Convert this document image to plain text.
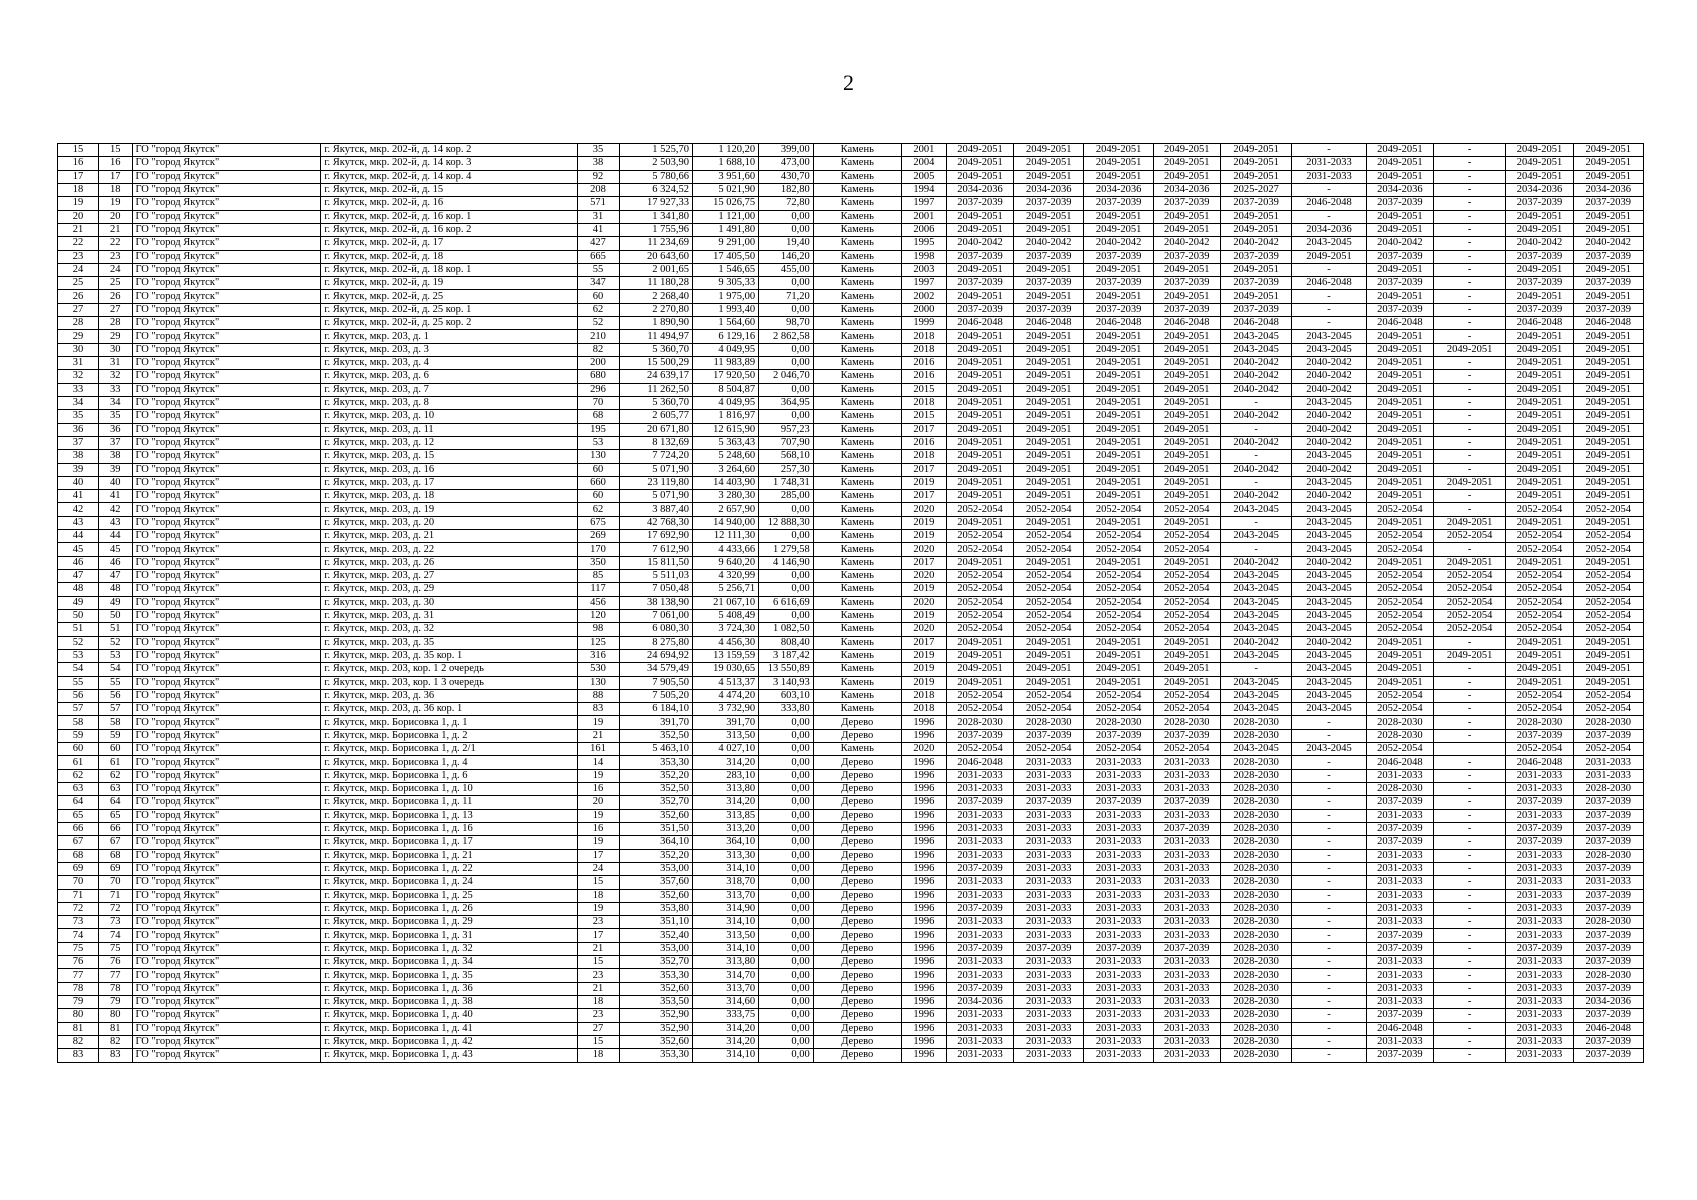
2
15	15	ГО "город Якутск"	г. Якутск, мкр. 202-й, д. 14 кор. 2	35	1 525,70	1 120,20	399,00	Камень	2001	2049-2051	2049-2051	2049-2051	2049-2051	2049-2051	-	2049-2051	-	2049-2051	2049-2051
16	16	ГО "город Якутск"	г. Якутск, мкр. 202-й, д. 14 кор. 3	38	2 503,90	1 688,10	473,00	Камень	2004	2049-2051	2049-2051	2049-2051	2049-2051	2049-2051	2031-2033	2049-2051	-	2049-2051	2049-2051
17	17	ГО "город Якутск"	г. Якутск, мкр. 202-й, д. 14 кор. 4	92	5 780,66	3 951,60	430,70	Камень	2005	2049-2051	2049-2051	2049-2051	2049-2051	2049-2051	2031-2033	2049-2051	-	2049-2051	2049-2051
18	18	ГО "город Якутск"	г. Якутск, мкр. 202-й, д. 15	208	6 324,52	5 021,90	182,80	Камень	1994	2034-2036	2034-2036	2034-2036	2034-2036	2025-2027	-	2034-2036	-	2034-2036	2034-2036
19	19	ГО "город Якутск"	г. Якутск, мкр. 202-й, д. 16	571	17 927,33	15 026,75	72,80	Камень	1997	2037-2039	2037-2039	2037-2039	2037-2039	2037-2039	2046-2048	2037-2039	-	2037-2039	2037-2039
20	20	ГО "город Якутск"	г. Якутск, мкр. 202-й, д. 16 кор. 1	31	1 341,80	1 121,00	0,00	Камень	2001	2049-2051	2049-2051	2049-2051	2049-2051	2049-2051	-	2049-2051	-	2049-2051	2049-2051
21	21	ГО "город Якутск"	г. Якутск, мкр. 202-й, д. 16 кор. 2	41	1 755,96	1 491,80	0,00	Камень	2006	2049-2051	2049-2051	2049-2051	2049-2051	2049-2051	2034-2036	2049-2051	-	2049-2051	2049-2051
22	22	ГО "город Якутск"	г. Якутск, мкр. 202-й, д. 17	427	11 234,69	9 291,00	19,40	Камень	1995	2040-2042	2040-2042	2040-2042	2040-2042	2040-2042	2043-2045	2040-2042	-	2040-2042	2040-2042
23	23	ГО "город Якутск"	г. Якутск, мкр. 202-й, д. 18	665	20 643,60	17 405,50	146,20	Камень	1998	2037-2039	2037-2039	2037-2039	2037-2039	2037-2039	2049-2051	2037-2039	-	2037-2039	2037-2039
24	24	ГО "город Якутск"	г. Якутск, мкр. 202-й, д. 18 кор. 1	55	2 001,65	1 546,65	455,00	Камень	2003	2049-2051	2049-2051	2049-2051	2049-2051	2049-2051	-	2049-2051	-	2049-2051	2049-2051
25	25	ГО "город Якутск"	г. Якутск, мкр. 202-й, д. 19	347	11 180,28	9 305,33	0,00	Камень	1997	2037-2039	2037-2039	2037-2039	2037-2039	2037-2039	2046-2048	2037-2039	-	2037-2039	2037-2039
26	26	ГО "город Якутск"	г. Якутск, мкр. 202-й, д. 25	60	2 268,40	1 975,00	71,20	Камень	2002	2049-2051	2049-2051	2049-2051	2049-2051	2049-2051	-	2049-2051	-	2049-2051	2049-2051
27	27	ГО "город Якутск"	г. Якутск, мкр. 202-й, д. 25 кор. 1	62	2 270,80	1 993,40	0,00	Камень	2000	2037-2039	2037-2039	2037-2039	2037-2039	2037-2039	-	2037-2039	-	2037-2039	2037-2039
28	28	ГО "город Якутск"	г. Якутск, мкр. 202-й, д. 25 кор. 2	52	1 890,90	1 564,60	98,70	Камень	1999	2046-2048	2046-2048	2046-2048	2046-2048	2046-2048	-	2046-2048	-	2046-2048	2046-2048
29	29	ГО "город Якутск"	г. Якутск, мкр. 203, д. 1	210	11 494,97	6 129,16	2 862,58	Камень	2018	2049-2051	2049-2051	2049-2051	2049-2051	2043-2045	2043-2045	2049-2051	-	2049-2051	2049-2051
30	30	ГО "город Якутск"	г. Якутск, мкр. 203, д. 3	82	5 360,70	4 049,95	0,00	Камень	2018	2049-2051	2049-2051	2049-2051	2049-2051	2043-2045	2043-2045	2049-2051	2049-2051	2049-2051	2049-2051
31	31	ГО "город Якутск"	г. Якутск, мкр. 203, д. 4	200	15 500,29	11 983,89	0,00	Камень	2016	2049-2051	2049-2051	2049-2051	2049-2051	2040-2042	2040-2042	2049-2051	-	2049-2051	2049-2051
32	32	ГО "город Якутск"	г. Якутск, мкр. 203, д. 6	680	24 639,17	17 920,50	2 046,70	Камень	2016	2049-2051	2049-2051	2049-2051	2049-2051	2040-2042	2040-2042	2049-2051	-	2049-2051	2049-2051
33	33	ГО "город Якутск"	г. Якутск, мкр. 203, д. 7	296	11 262,50	8 504,87	0,00	Камень	2015	2049-2051	2049-2051	2049-2051	2049-2051	2040-2042	2040-2042	2049-2051	-	2049-2051	2049-2051
34	34	ГО "город Якутск"	г. Якутск, мкр. 203, д. 8	70	5 360,70	4 049,95	364,95	Камень	2018	2049-2051	2049-2051	2049-2051	2049-2051	-	2043-2045	2049-2051	-	2049-2051	2049-2051
35	35	ГО "город Якутск"	г. Якутск, мкр. 203, д. 10	68	2 605,77	1 816,97	0,00	Камень	2015	2049-2051	2049-2051	2049-2051	2049-2051	2040-2042	2040-2042	2049-2051	-	2049-2051	2049-2051
36	36	ГО "город Якутск"	г. Якутск, мкр. 203, д. 11	195	20 671,80	12 615,90	957,23	Камень	2017	2049-2051	2049-2051	2049-2051	2049-2051	-	2040-2042	2049-2051	-	2049-2051	2049-2051
37	37	ГО "город Якутск"	г. Якутск, мкр. 203, д. 12	53	8 132,69	5 363,43	707,90	Камень	2016	2049-2051	2049-2051	2049-2051	2049-2051	2040-2042	2040-2042	2049-2051	-	2049-2051	2049-2051
38	38	ГО "город Якутск"	г. Якутск, мкр. 203, д. 15	130	7 724,20	5 248,60	568,10	Камень	2018	2049-2051	2049-2051	2049-2051	2049-2051	-	2043-2045	2049-2051	-	2049-2051	2049-2051
39	39	ГО "город Якутск"	г. Якутск, мкр. 203, д. 16	60	5 071,90	3 264,60	257,30	Камень	2017	2049-2051	2049-2051	2049-2051	2049-2051	2040-2042	2040-2042	2049-2051	-	2049-2051	2049-2051
40	40	ГО "город Якутск"	г. Якутск, мкр. 203, д. 17	660	23 119,80	14 403,90	1 748,31	Камень	2019	2049-2051	2049-2051	2049-2051	2049-2051	-	2043-2045	2049-2051	2049-2051	2049-2051	2049-2051
41	41	ГО "город Якутск"	г. Якутск, мкр. 203, д. 18	60	5 071,90	3 280,30	285,00	Камень	2017	2049-2051	2049-2051	2049-2051	2049-2051	2040-2042	2040-2042	2049-2051	-	2049-2051	2049-2051
42	42	ГО "город Якутск"	г. Якутск, мкр. 203, д. 19	62	3 887,40	2 657,90	0,00	Камень	2020	2052-2054	2052-2054	2052-2054	2052-2054	2043-2045	2043-2045	2052-2054	-	2052-2054	2052-2054
43	43	ГО "город Якутск"	г. Якутск, мкр. 203, д. 20	675	42 768,30	14 940,00	12 888,30	Камень	2019	2049-2051	2049-2051	2049-2051	2049-2051	-	2043-2045	2049-2051	2049-2051	2049-2051	2049-2051
44	44	ГО "город Якутск"	г. Якутск, мкр. 203, д. 21	269	17 692,90	12 111,30	0,00	Камень	2019	2052-2054	2052-2054	2052-2054	2052-2054	2043-2045	2043-2045	2052-2054	2052-2054	2052-2054	2052-2054
45	45	ГО "город Якутск"	г. Якутск, мкр. 203, д. 22	170	7 612,90	4 433,66	1 279,58	Камень	2020	2052-2054	2052-2054	2052-2054	2052-2054	-	2043-2045	2052-2054	-	2052-2054	2052-2054
46	46	ГО "город Якутск"	г. Якутск, мкр. 203, д. 26	350	15 811,50	9 640,20	4 146,90	Камень	2017	2049-2051	2049-2051	2049-2051	2049-2051	2040-2042	2040-2042	2049-2051	2049-2051	2049-2051	2049-2051
47	47	ГО "город Якутск"	г. Якутск, мкр. 203, д. 27	85	5 511,03	4 320,99	0,00	Камень	2020	2052-2054	2052-2054	2052-2054	2052-2054	2043-2045	2043-2045	2052-2054	2052-2054	2052-2054	2052-2054
48	48	ГО "город Якутск"	г. Якутск, мкр. 203, д. 29	117	7 050,48	5 256,71	0,00	Камень	2019	2052-2054	2052-2054	2052-2054	2052-2054	2043-2045	2043-2045	2052-2054	2052-2054	2052-2054	2052-2054
49	49	ГО "город Якутск"	г. Якутск, мкр. 203, д. 30	456	38 138,90	21 067,10	6 616,69	Камень	2020	2052-2054	2052-2054	2052-2054	2052-2054	2043-2045	2043-2045	2052-2054	2052-2054	2052-2054	2052-2054
50	50	ГО "город Якутск"	г. Якутск, мкр. 203, д. 31	120	7 061,00	5 408,49	0,00	Камень	2019	2052-2054	2052-2054	2052-2054	2052-2054	2043-2045	2043-2045	2052-2054	2052-2054	2052-2054	2052-2054
51	51	ГО "город Якутск"	г. Якутск, мкр. 203, д. 32	98	6 080,30	3 724,30	1 082,50	Камень	2020	2052-2054	2052-2054	2052-2054	2052-2054	2043-2045	2043-2045	2052-2054	2052-2054	2052-2054	2052-2054
52	52	ГО "город Якутск"	г. Якутск, мкр. 203, д. 35	125	8 275,80	4 456,30	808,40	Камень	2017	2049-2051	2049-2051	2049-2051	2049-2051	2040-2042	2040-2042	2049-2051	-	2049-2051	2049-2051
53	53	ГО "город Якутск"	г. Якутск, мкр. 203, д. 35 кор. 1	316	24 694,92	13 159,59	3 187,42	Камень	2019	2049-2051	2049-2051	2049-2051	2049-2051	2043-2045	2043-2045	2049-2051	2049-2051	2049-2051	2049-2051
54	54	ГО "город Якутск"	г. Якутск, мкр. 203, кор. 1 2 очередь	530	34 579,49	19 030,65	13 550,89	Камень	2019	2049-2051	2049-2051	2049-2051	2049-2051	-	2043-2045	2049-2051	-	2049-2051	2049-2051
55	55	ГО "город Якутск"	г. Якутск, мкр. 203, кор. 1 3 очередь	130	7 905,50	4 513,37	3 140,93	Камень	2019	2049-2051	2049-2051	2049-2051	2049-2051	2043-2045	2043-2045	2049-2051	-	2049-2051	2049-2051
56	56	ГО "город Якутск"	г. Якутск, мкр. 203, д. 36	88	7 505,20	4 474,20	603,10	Камень	2018	2052-2054	2052-2054	2052-2054	2052-2054	2043-2045	2043-2045	2052-2054	-	2052-2054	2052-2054
57	57	ГО "город Якутск"	г. Якутск, мкр. 203, д. 36 кор. 1	83	6 184,10	3 732,90	333,80	Камень	2018	2052-2054	2052-2054	2052-2054	2052-2054	2043-2045	2043-2045	2052-2054	-	2052-2054	2052-2054
58	58	ГО "город Якутск"	г. Якутск, мкр. Борисовка 1, д. 1	19	391,70	391,70	0,00	Дерево	1996	2028-2030	2028-2030	2028-2030	2028-2030	2028-2030	-	2028-2030	-	2028-2030	2028-2030
59	59	ГО "город Якутск"	г. Якутск, мкр. Борисовка 1, д. 2	21	352,50	313,50	0,00	Дерево	1996	2037-2039	2037-2039	2037-2039	2037-2039	2028-2030	-	2028-2030	-	2037-2039	2037-2039
60	60	ГО "город Якутск"	г. Якутск, мкр. Борисовка 1, д. 2/1	161	5 463,10	4 027,10	0,00	Камень	2020	2052-2054	2052-2054	2052-2054	2052-2054	2043-2045	2043-2045	2052-2054		2052-2054	2052-2054
61	61	ГО "город Якутск"	г. Якутск, мкр. Борисовка 1, д. 4	14	353,30	314,20	0,00	Дерево	1996	2046-2048	2031-2033	2031-2033	2031-2033	2028-2030	-	2046-2048	-	2046-2048	2031-2033
62	62	ГО "город Якутск"	г. Якутск, мкр. Борисовка 1, д. 6	19	352,20	283,10	0,00	Дерево	1996	2031-2033	2031-2033	2031-2033	2031-2033	2028-2030	-	2031-2033	-	2031-2033	2031-2033
63	63	ГО "город Якутск"	г. Якутск, мкр. Борисовка 1, д. 10	16	352,50	313,80	0,00	Дерево	1996	2031-2033	2031-2033	2031-2033	2031-2033	2028-2030	-	2028-2030	-	2031-2033	2028-2030
64	64	ГО "город Якутск"	г. Якутск, мкр. Борисовка 1, д. 11	20	352,70	314,20	0,00	Дерево	1996	2037-2039	2037-2039	2037-2039	2037-2039	2028-2030	-	2037-2039	-	2037-2039	2037-2039
65	65	ГО "город Якутск"	г. Якутск, мкр. Борисовка 1, д. 13	19	352,60	313,85	0,00	Дерево	1996	2031-2033	2031-2033	2031-2033	2031-2033	2028-2030	-	2031-2033	-	2031-2033	2037-2039
66	66	ГО "город Якутск"	г. Якутск, мкр. Борисовка 1, д. 16	16	351,50	313,20	0,00	Дерево	1996	2031-2033	2031-2033	2031-2033	2037-2039	2028-2030	-	2037-2039	-	2037-2039	2037-2039
67	67	ГО "город Якутск"	г. Якутск, мкр. Борисовка 1, д. 17	19	364,10	364,10	0,00	Дерево	1996	2031-2033	2031-2033	2031-2033	2031-2033	2028-2030	-	2037-2039	-	2037-2039	2037-2039
68	68	ГО "город Якутск"	г. Якутск, мкр. Борисовка 1, д. 21	17	352,20	313,30	0,00	Дерево	1996	2031-2033	2031-2033	2031-2033	2031-2033	2028-2030	-	2031-2033	-	2031-2033	2028-2030
69	69	ГО "город Якутск"	г. Якутск, мкр. Борисовка 1, д. 22	24	353,00	314,10	0,00	Дерево	1996	2037-2039	2031-2033	2031-2033	2031-2033	2028-2030	-	2031-2033	-	2031-2033	2037-2039
70	70	ГО "город Якутск"	г. Якутск, мкр. Борисовка 1, д. 24	15	357,60	318,70	0,00	Дерево	1996	2031-2033	2031-2033	2031-2033	2031-2033	2028-2030	-	2031-2033	-	2031-2033	2031-2033
71	71	ГО "город Якутск"	г. Якутск, мкр. Борисовка 1, д. 25	18	352,60	313,70	0,00	Дерево	1996	2031-2033	2031-2033	2031-2033	2031-2033	2028-2030	-	2031-2033	-	2031-2033	2037-2039
72	72	ГО "город Якутск"	г. Якутск, мкр. Борисовка 1, д. 26	19	353,80	314,90	0,00	Дерево	1996	2037-2039	2031-2033	2031-2033	2031-2033	2028-2030	-	2031-2033	-	2031-2033	2037-2039
73	73	ГО "город Якутск"	г. Якутск, мкр. Борисовка 1, д. 29	23	351,10	314,10	0,00	Дерево	1996	2031-2033	2031-2033	2031-2033	2031-2033	2028-2030	-	2031-2033	-	2031-2033	2028-2030
74	74	ГО "город Якутск"	г. Якутск, мкр. Борисовка 1, д. 31	17	352,40	313,50	0,00	Дерево	1996	2031-2033	2031-2033	2031-2033	2031-2033	2028-2030	-	2037-2039	-	2031-2033	2037-2039
75	75	ГО "город Якутск"	г. Якутск, мкр. Борисовка 1, д. 32	21	353,00	314,10	0,00	Дерево	1996	2037-2039	2037-2039	2037-2039	2037-2039	2028-2030	-	2037-2039	-	2037-2039	2037-2039
76	76	ГО "город Якутск"	г. Якутск, мкр. Борисовка 1, д. 34	15	352,70	313,80	0,00	Дерево	1996	2031-2033	2031-2033	2031-2033	2031-2033	2028-2030	-	2031-2033	-	2031-2033	2037-2039
77	77	ГО "город Якутск"	г. Якутск, мкр. Борисовка 1, д. 35	23	353,30	314,70	0,00	Дерево	1996	2031-2033	2031-2033	2031-2033	2031-2033	2028-2030	-	2031-2033	-	2031-2033	2028-2030
78	78	ГО "город Якутск"	г. Якутск, мкр. Борисовка 1, д. 36	21	352,60	313,70	0,00	Дерево	1996	2037-2039	2031-2033	2031-2033	2031-2033	2028-2030	-	2031-2033	-	2031-2033	2037-2039
79	79	ГО "город Якутск"	г. Якутск, мкр. Борисовка 1, д. 38	18	353,50	314,60	0,00	Дерево	1996	2034-2036	2031-2033	2031-2033	2031-2033	2028-2030	-	2031-2033	-	2031-2033	2034-2036
80	80	ГО "город Якутск"	г. Якутск, мкр. Борисовка 1, д. 40	23	352,90	333,75	0,00	Дерево	1996	2031-2033	2031-2033	2031-2033	2031-2033	2028-2030	-	2037-2039	-	2031-2033	2037-2039
81	81	ГО "город Якутск"	г. Якутск, мкр. Борисовка 1, д. 41	27	352,90	314,20	0,00	Дерево	1996	2031-2033	2031-2033	2031-2033	2031-2033	2028-2030	-	2046-2048	-	2031-2033	2046-2048
82	82	ГО "город Якутск"	г. Якутск, мкр. Борисовка 1, д. 42	15	352,60	314,20	0,00	Дерево	1996	2031-2033	2031-2033	2031-2033	2031-2033	2028-2030	-	2031-2033	-	2031-2033	2037-2039
83	83	ГО "город Якутск"	г. Якутск, мкр. Борисовка 1, д. 43	18	353,30	314,10	0,00	Дерево	1996	2031-2033	2031-2033	2031-2033	2031-2033	2028-2030	-	2037-2039	-	2031-2033	2037-2039
